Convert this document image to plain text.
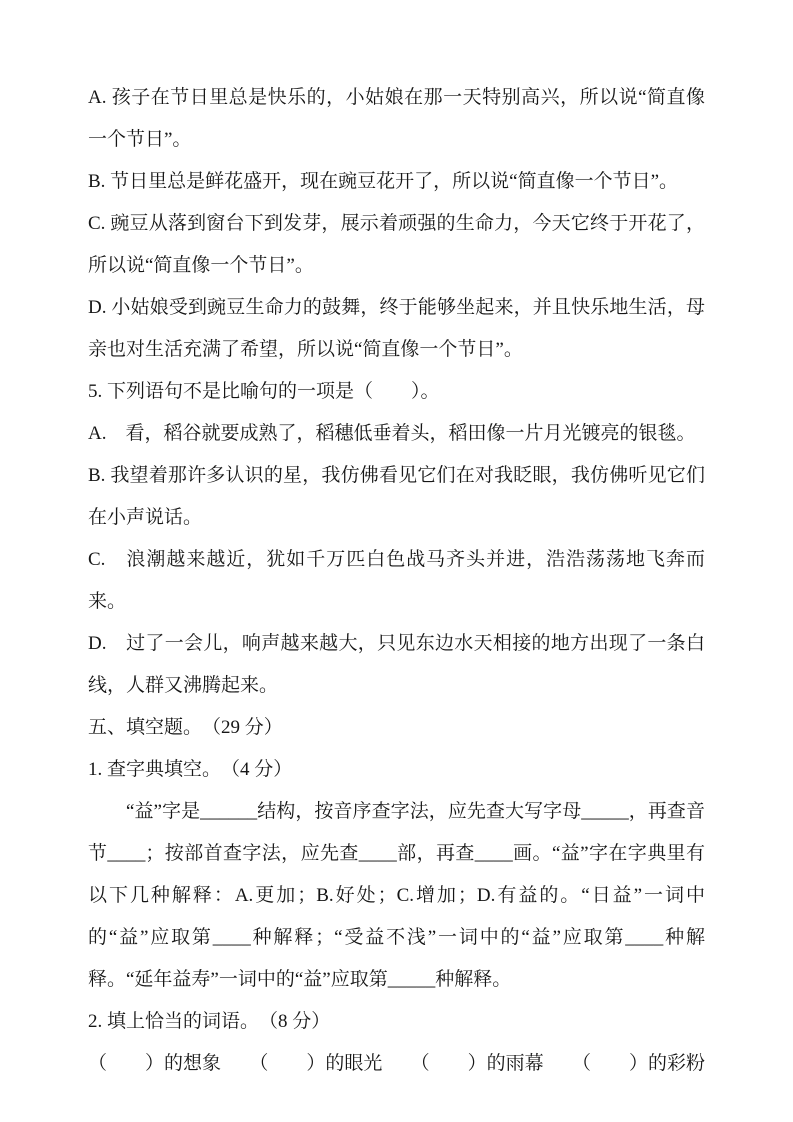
A. 孩子在节日里总是快乐的，小姑娘在那一天特别高兴，所以说“简直像一个节日”。

B. 节日里总是鲜花盛开，现在豌豆花开了，所以说“简直像一个节日”。

C. 豌豆从落到窗台下到发芽，展示着顽强的生命力，今天它终于开花了，所以说“简直像一个节日”。

D. 小姑娘受到豌豆生命力的鼓舞，终于能够坐起来，并且快乐地生活，母亲也对生活充满了希望，所以说“简直像一个节日”。

5. 下列语句不是比喻句的一项是（　　）。

A.　看，稻谷就要成熟了，稻穗低垂着头，稻田像一片月光镀亮的银毯。

B. 我望着那许多认识的星，我仿佛看见它们在对我眨眼，我仿佛听见它们在小声说话。

C.　浪潮越来越近，犹如千万匹白色战马齐头并进，浩浩荡荡地飞奔而来。

D.　过了一会儿，响声越来越大，只见东边水天相接的地方出现了一条白线，人群又沸腾起来。

五、填空题。　（29 分）

1. 查字典填空。　（4 分）

“益”字是______结构，按音序查字法，应先查大写字母_____，再查音节____；按部首查字法，应先查____部，再查____画。“益”字在字典里有以下几种解释：A.更加；B.好处；C.增加；D.有益的。“日益”一词中的“益”应取第____种解释；“受益不浅”一词中的“益”应取第____种解释。“延年益寿”一词中的“益”应取第_____种解释。

2. 填上恰当的词语。　（8 分）

（　　）的想象 （　　）的眼光 （　　）的雨幕 （　　）的彩粉
